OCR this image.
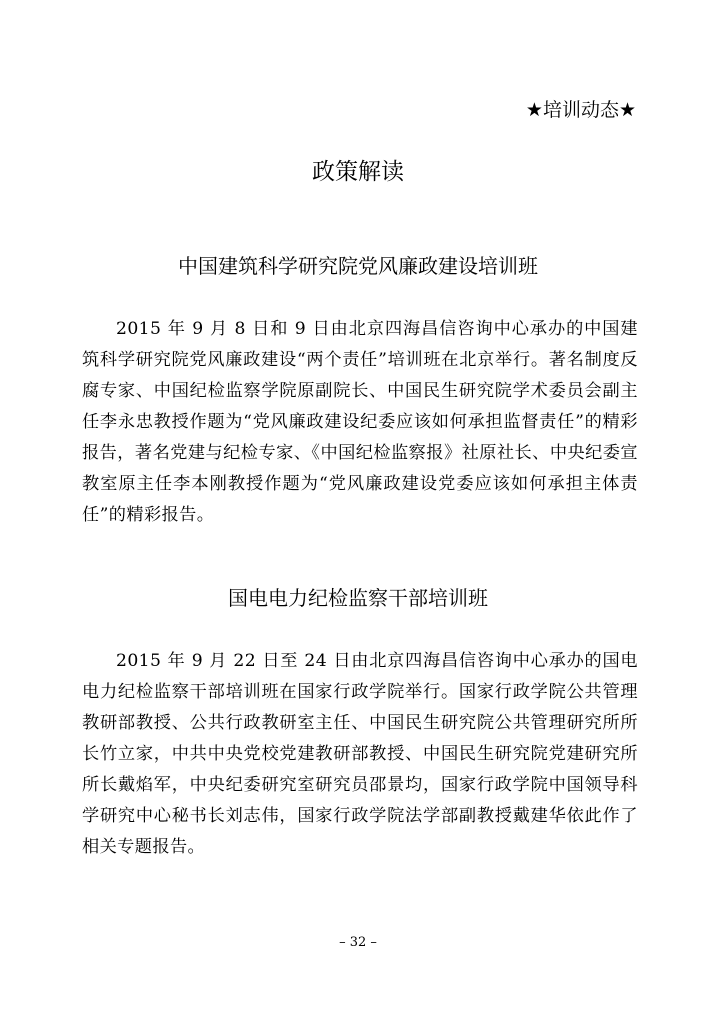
★培训动态★
政策解读
中国建筑科学研究院党风廉政建设培训班

2015 年 9 月 8 日和 9 日由北京四海昌信咨询中心承办的中国建筑科学研究院党风廉政建设“两个责任”培训班在北京举行。著名制度反腐专家、中国纪检监察学院原副院长、中国民生研究院学术委员会副主任李永忠教授作题为“党风廉政建设纪委应该如何承担监督责任”的精彩报告，著名党建与纪检专家、《中国纪检监察报》社原社长、中央纪委宣教室原主任李本刚教授作题为“党风廉政建设党委应该如何承担主体责任”的精彩报告。

国电电力纪检监察干部培训班

2015 年 9 月 22 日至 24 日由北京四海昌信咨询中心承办的国电电力纪检监察干部培训班在国家行政学院举行。国家行政学院公共管理教研部教授、公共行政教研室主任、中国民生研究院公共管理研究所所长竹立家，中共中央党校党建教研部教授、中国民生研究院党建研究所所长戴焰军，中央纪委研究室研究员邵景均，国家行政学院中国领导科学研究中心秘书长刘志伟，国家行政学院法学部副教授戴建华依此作了相关专题报告。

– 32 –
